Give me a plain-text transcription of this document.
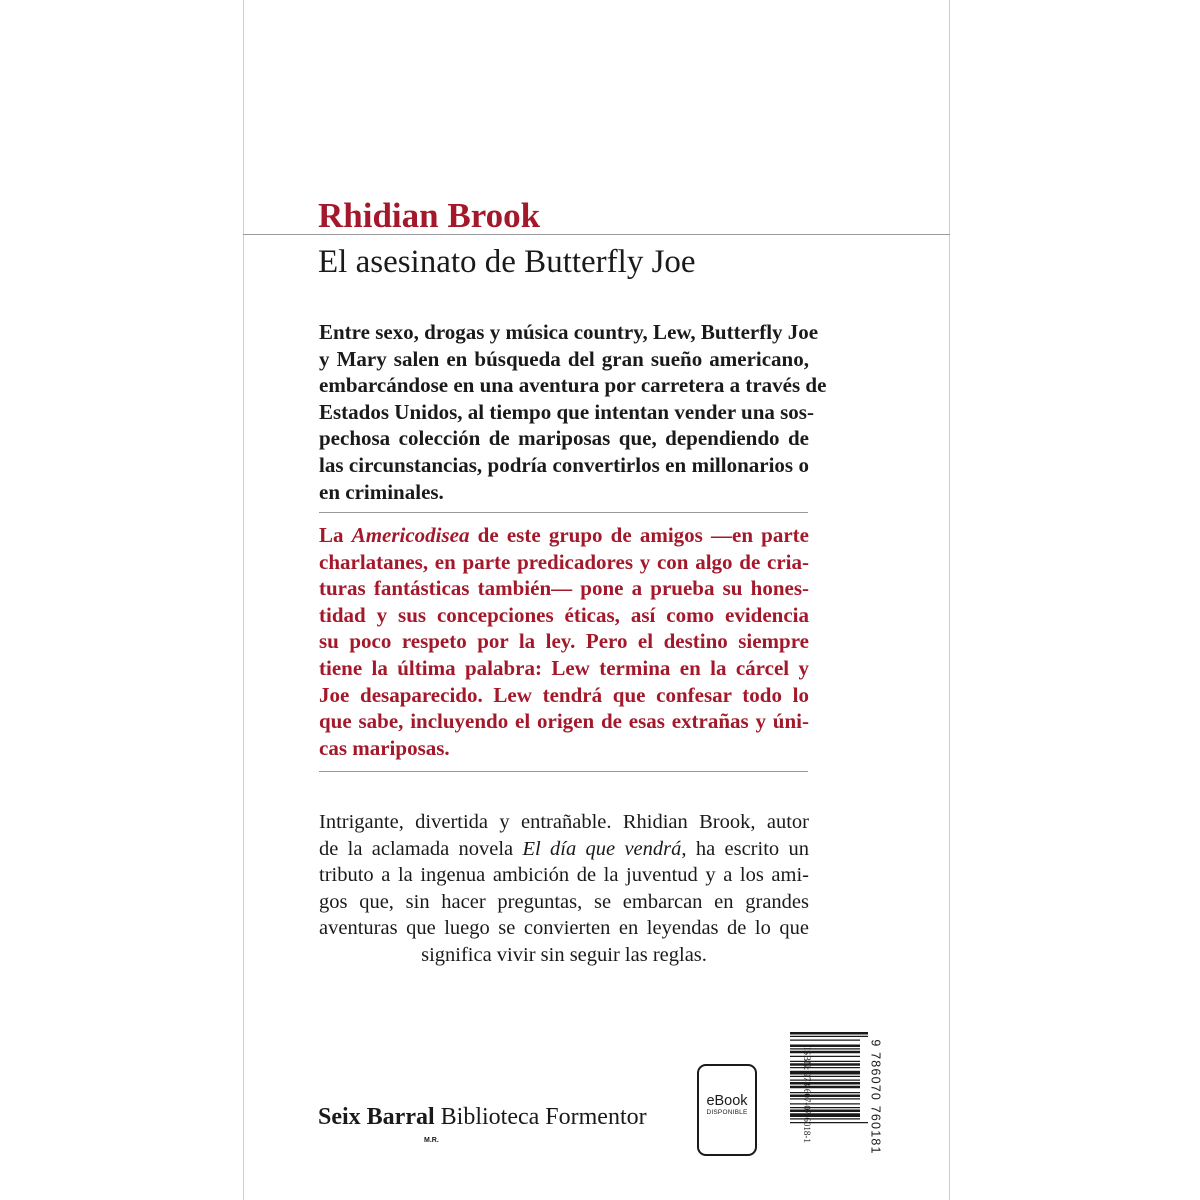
Rhidian Brook
El asesinato de Butterfly Joe
Entre sexo, drogas y música country, Lew, Butterfly Joe
y Mary salen en búsqueda del gran sueño americano,
embarcándose en una aventura por carretera a través de
Estados Unidos, al tiempo que intentan vender una sos-
pechosa colección de mariposas que, dependiendo de
las circunstancias, podría convertirlos en millonarios o
en criminales.
La Americodisea de este grupo de amigos —en parte
charlatanes, en parte predicadores y con algo de cria-
turas fantásticas también— pone a prueba su hones-
tidad y sus concepciones éticas, así como evidencia
su poco respeto por la ley. Pero el destino siempre
tiene la última palabra: Lew termina en la cárcel y
Joe desaparecido. Lew tendrá que confesar todo lo
que sabe, incluyendo el origen de esas extrañas y úni-
cas mariposas.
Intrigante, divertida y entrañable. Rhidian Brook, autor
de la aclamada novela El día que vendrá, ha escrito un
tributo a la ingenua ambición de la juventud y a los ami-
gos que, sin hacer preguntas, se embarcan en grandes
aventuras que luego se convierten en leyendas de lo que
significa vivir sin seguir las reglas.
Seix Barral Biblioteca Formentor
M.R.
eBook
DISPONIBLE	9 786070 760181
